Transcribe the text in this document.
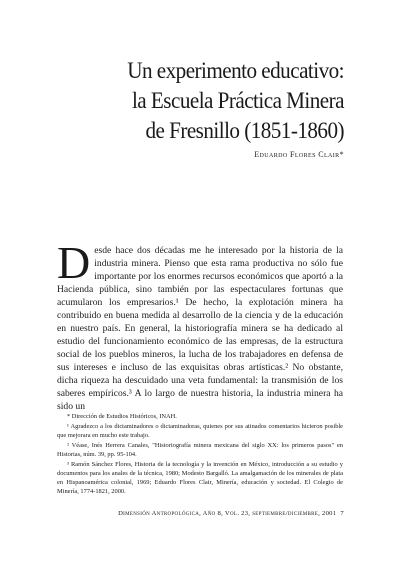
Un experimento educativo:
la Escuela Práctica Minera
de Fresnillo (1851-1860)
Eduardo Flores Clair*
D esde hace dos décadas me he interesado por la historia de la industria minera. Pienso que esta rama productiva no sólo fue importante por los enormes recursos económicos que aportó a la Hacienda pública, sino también por las espectaculares fortunas que acumularon los empresarios.¹ De hecho, la explotación minera ha contribuido en buena medida al desarrollo de la ciencia y de la educación en nuestro país. En general, la historiografía minera se ha dedicado al estudio del funcionamiento económico de las empresas, de la estructura social de los pueblos mineros, la lucha de los trabajadores en defensa de sus intereses e incluso de las exquisitas obras artísticas.² No obstante, dicha riqueza ha descuidado una veta fundamental: la transmisión de los saberes empíricos.³ A lo largo de nuestra historia, la industria minera ha sido un

* Dirección de Estudios Históricos, INAH.

¹ Agradezco a los dictaminadores o dictaminadoras, quienes por sus atinados comentarios hicieron posible que mejorara en mucho este trabajo.

² Véase, Inés Herrera Canales, "Historiografía minera mexicana del siglo XX: los primeros pasos" en Historias, núm. 39, pp. 95-104.

³ Ramón Sánchez Flores, Historia de la tecnología y la invención en México, introducción a su estudio y documentos para los anales de la técnica, 1980; Modesto Bargalló. La amalgamación de los minerales de plata en Hispanoamérica colonial, 1969; Eduardo Flores Clair, Minería, educación y sociedad. El Colegio de Minería, 1774-1821, 2000.

Dimensión Antropológica, Año 8, Vol. 23, septiembre/diciembre, 2001 7
